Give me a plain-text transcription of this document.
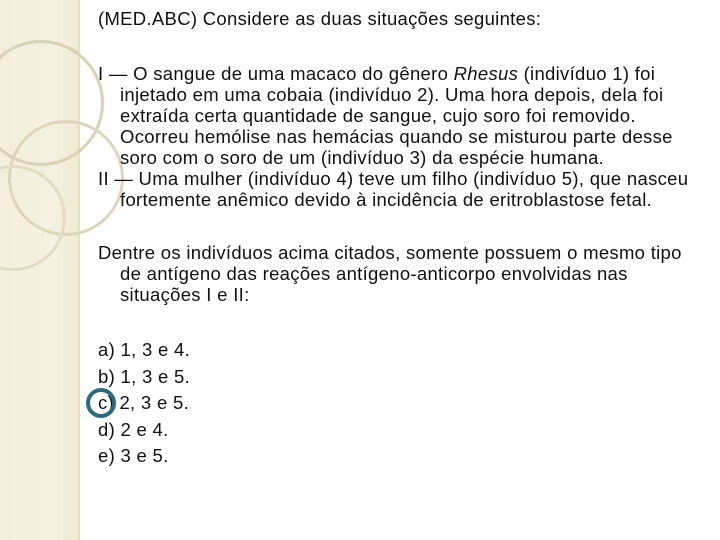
(MED.ABC) Considere as duas situações seguintes:

I — O sangue de uma macaco do gênero Rhesus (indivíduo 1) foi injetado em uma cobaia (indivíduo 2). Uma hora depois, dela foi extraída certa quantidade de sangue, cujo soro foi removido. Ocorreu hemólise nas hemácias quando se misturou parte desse soro com o soro de um (indivíduo 3) da espécie humana.

II — Uma mulher (indivíduo 4) teve um filho (indivíduo 5), que nasceu fortemente anêmico devido à incidência de eritroblastose fetal.

Dentre os indivíduos acima citados, somente possuem o mesmo tipo de antígeno das reações antígeno-anticorpo envolvidas nas situações I e II:

a) 1, 3 e 4.
b) 1, 3 e 5.
c) 2, 3 e 5.
d) 2 e 4.
e) 3 e 5.
